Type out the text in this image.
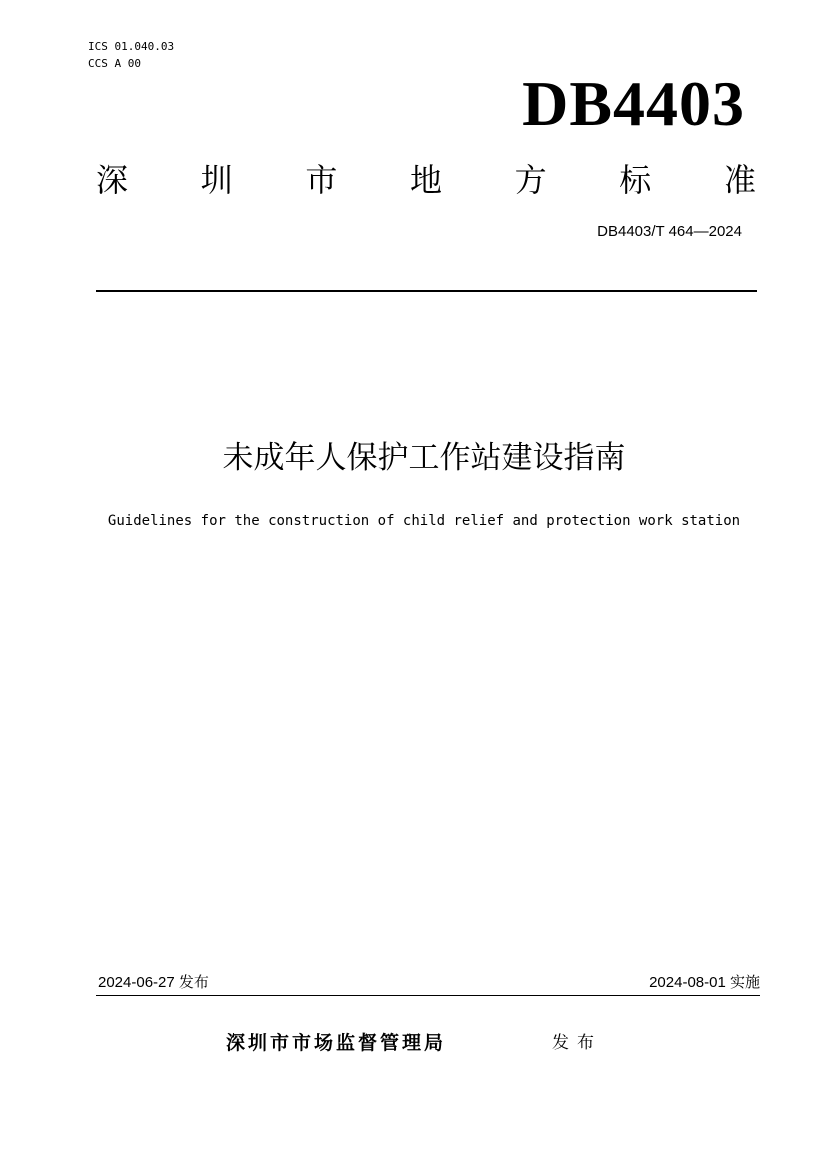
ICS 01.040.03
CCS A 00
DB4403
深 圳 市 地 方 标 准
DB4403/T 464—2024
未成年人保护工作站建设指南
Guidelines for the construction of child relief and protection work station
2024-06-27 发布	2024-08-01 实施
深圳市市场监督管理局	发布
